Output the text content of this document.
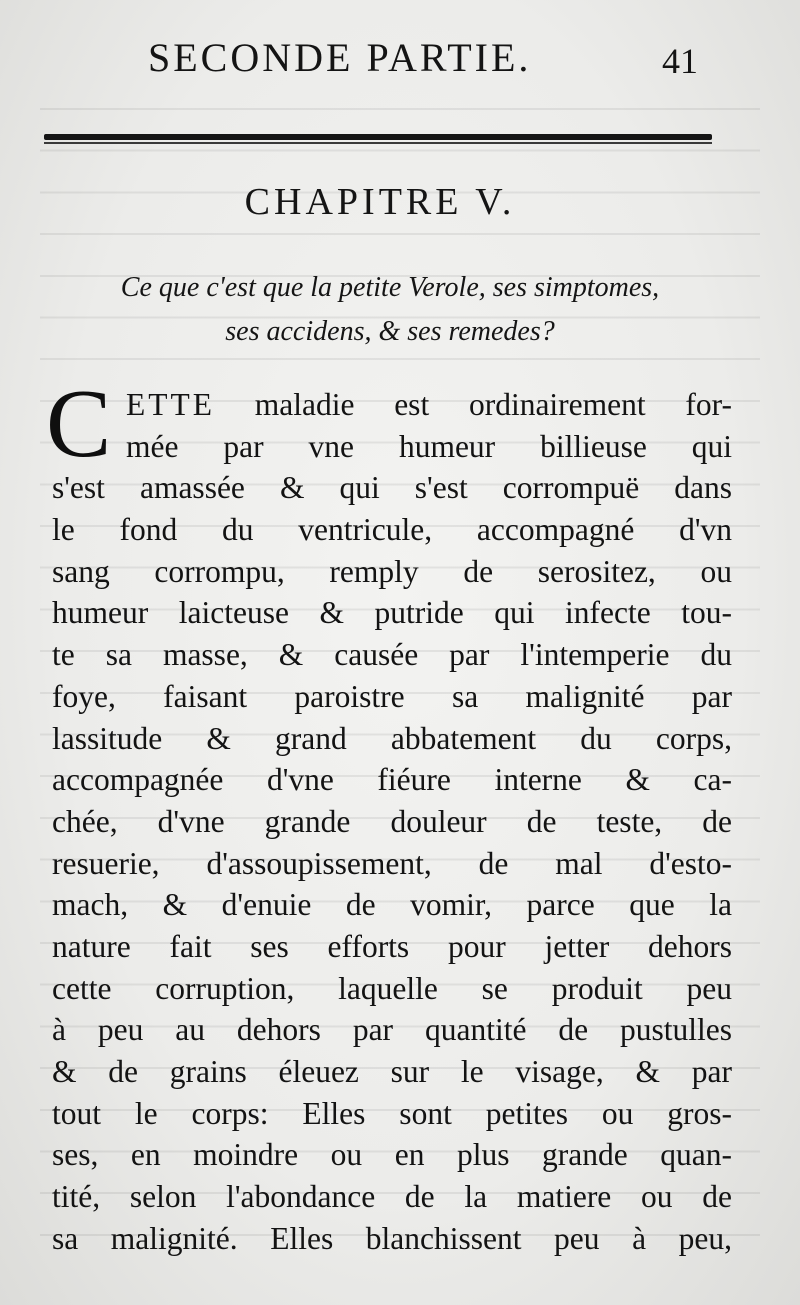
SECONDE PARTIE.	41
CHAPITRE V.
Ce que c'est que la petite Verole, ses simptomes,
ses accidens, & ses remedes?
C ETTE maladie est ordinairement for-
mée par vne humeur billieuse qui
s'est amassée & qui s'est corrompuë dans
le fond du ventricule, accompagné d'vn
sang corrompu, remply de serositez, ou
humeur laicteuse & putride qui infecte tou-
te sa masse, & causée par l'intemperie du
foye, faisant paroistre sa malignité par
lassitude & grand abbatement du corps,
accompagnée d'vne fiéure interne & ca-
chée, d'vne grande douleur de teste, de
resuerie, d'assoupissement, de mal d'esto-
mach, & d'enuie de vomir, parce que la
nature fait ses efforts pour jetter dehors
cette corruption, laquelle se produit peu
à peu au dehors par quantité de pustulles
& de grains éleuez sur le visage, & par
tout le corps: Elles sont petites ou gros-
ses, en moindre ou en plus grande quan-
tité, selon l'abondance de la matiere ou de
sa malignité. Elles blanchissent peu à peu,
